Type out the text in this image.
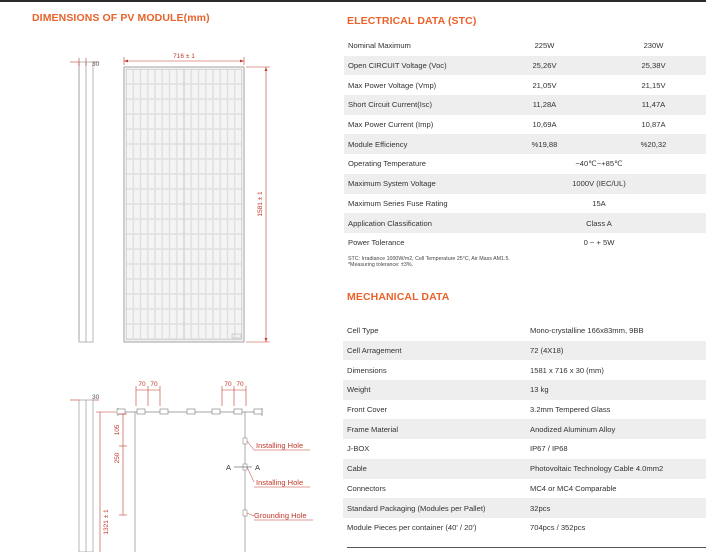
DIMENSIONS OF PV MODULE(mm)
30
716 ± 1
1581 ± 1
30
1321 ± 1
70 70	70 70
105
250
Installing Hole
Installing Hole
Grounding Hole
A	A
ELECTRICAL DATA (STC)
Nominal Maximum	225W	230W
Open CIRCUIT Voltage (Voc)	25,26V	25,38V
Max Power Voltage (Vmp)	21,05V	21,15V
Short Circuit Current(Isc)	11,28A	11,47A
Max Power Current (Imp)	10,69A	10,87A
Module Efficiency	%19,88	%20,32
Operating Temperature	−40℃~+85℃	
Maximum System Voltage	1000V (IEC/UL)	
Maximum Series Fuse Rating	15A	
Application Classification	Class A	
Power Tolerance	0 ~ + 5W	
STC: Irradiance 1000W/m2, Cell Temperature 25°C, Air Mass AM1.5.
*Measuring tolerance: ±3%.
MECHANICAL DATA
Cell Type	Mono-crystalline 166x83mm, 9BB
Cell Arragement	72 (4X18)
Dimensions	1581 x 716 x 30 (mm)
Weight	13 kg
Front Cover	3.2mm Tempered Glass
Frame Material	Anodized Aluminum Alloy
J-BOX	IP67 / IP68
Cable	Photovoltaic Technology Cable 4.0mm2
Connectors	MC4 or MC4 Comparable
Standard Packaging (Modules per Pallet)	32pcs
Module Pieces per container (40' / 20')	704pcs / 352pcs
